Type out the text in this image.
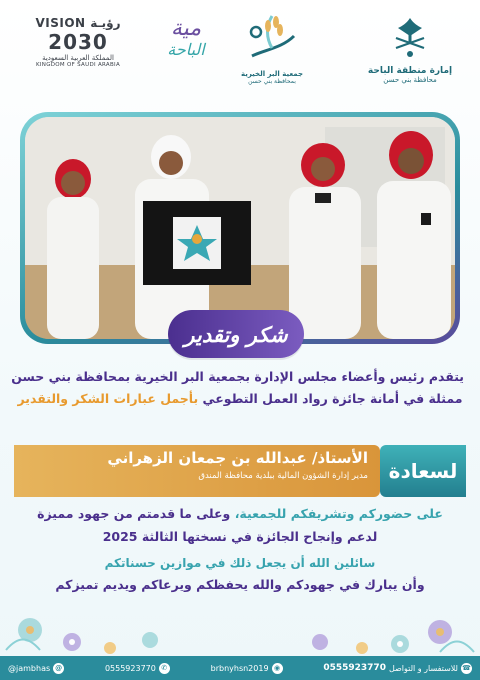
إمارة منطقة الباحة
محافظة بني حسن
جمعية البر الخيرية
بمحافظة بني حسن
مية
الباحة
VISION رؤيـة
2030
المملكة العربية السعودية
KINGDOM OF SAUDI ARABIA
شكر وتقدير
يتقدم رئيس وأعضاء مجلس الإدارة بجمعية البر الخيرية بمحافظة بني حسن
ممثلة في أمانة جائزة رواد العمل التطوعي بأجمل عبارات الشكر والتقدير
لسعادة
الأستاذ/ عبدالله بن جمعان الزهراني
مدير إدارة الشؤون المالية ببلدية محافظة المندق
على حضوركم وتشريفكم للجمعية، وعلى ما قدمتم من جهود مميزة
لدعم وإنجاح الجائزة في نسختها الثالثة 2025
سائلين الله أن يجعل ذلك في موازين حسناتكم
وأن يبارك في جهودكم والله يحفظكم ويرعاكم ويديم تميزكم
☎
للاستفسار و التواصل
0555923770
◉
brbnyhsn2019
✆
0555923770
@
@jambhas
